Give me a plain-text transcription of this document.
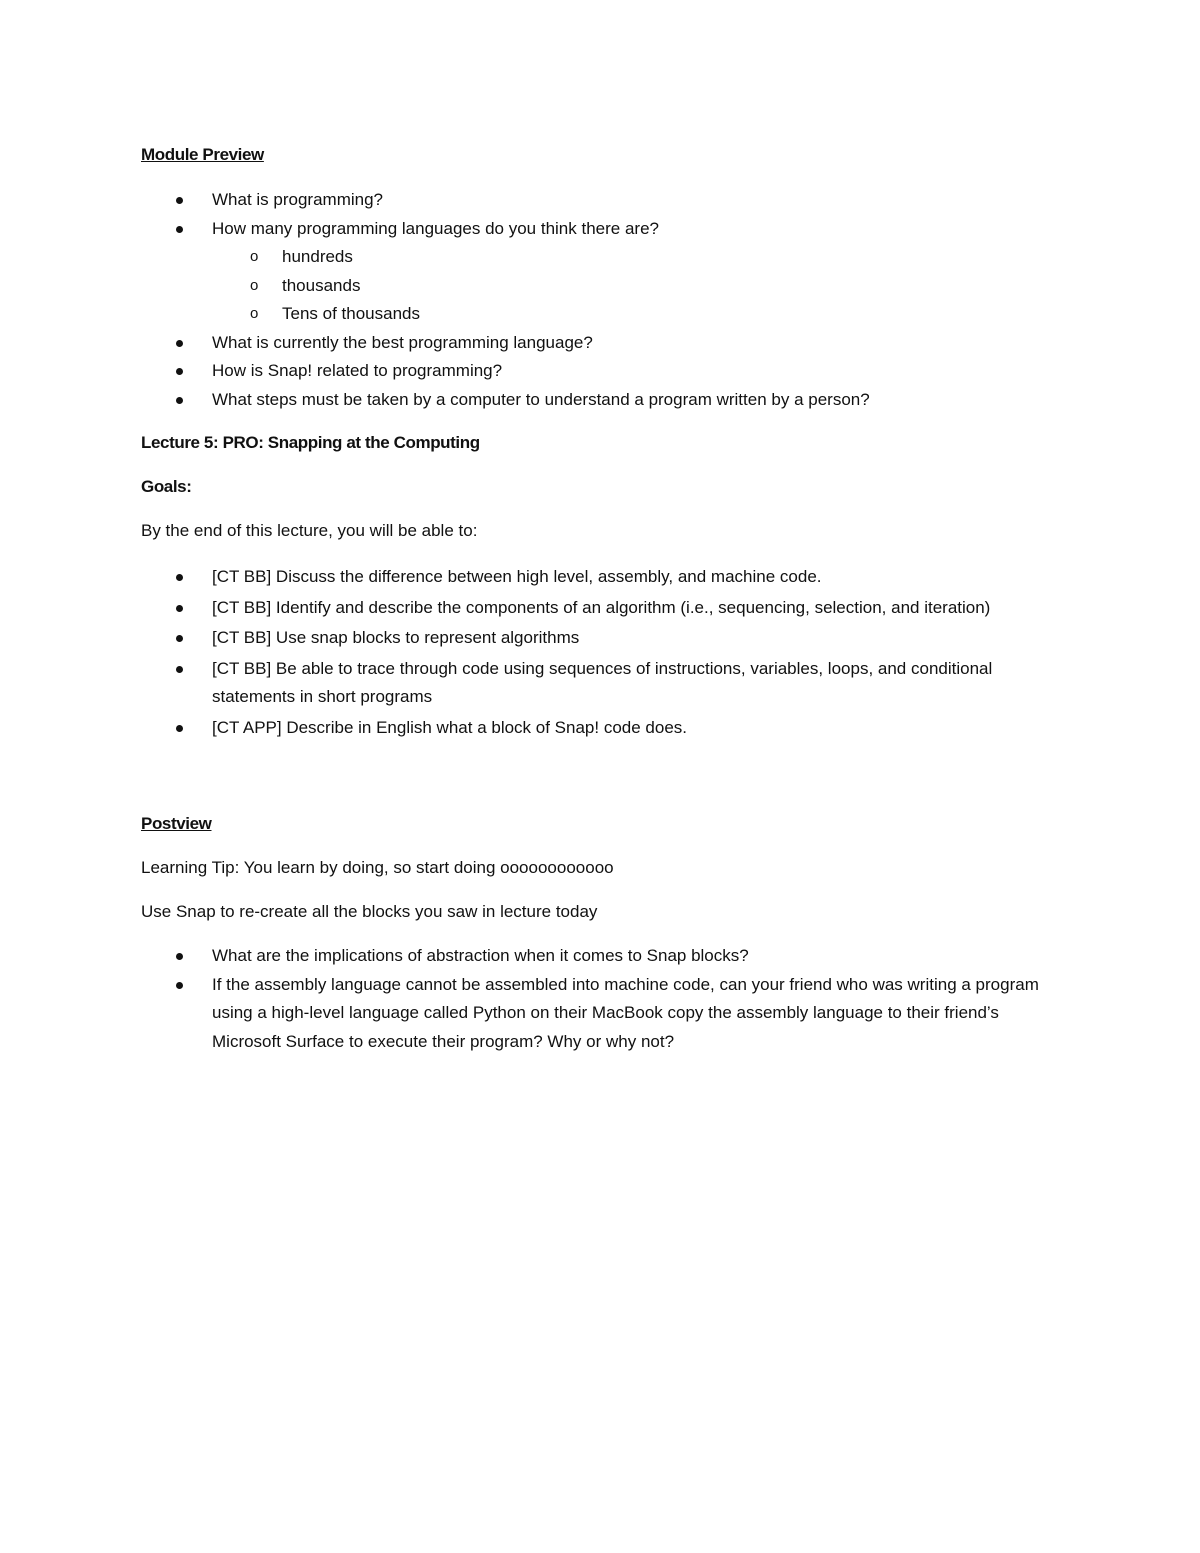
Module Preview
What is programming?
How many programming languages do you think there are?
o hundreds
o thousands
o Tens of thousands
What is currently the best programming language?
How is Snap! related to programming?
What steps must be taken by a computer to understand a program written by a person?
Lecture 5: PRO: Snapping at the Computing
Goals:
By the end of this lecture, you will be able to:
[CT BB] Discuss the difference between high level, assembly, and machine code.
[CT BB] Identify and describe the components of an algorithm (i.e., sequencing, selection, and iteration)
[CT BB] Use snap blocks to represent algorithms
[CT BB] Be able to trace through code using sequences of instructions, variables, loops, and conditional statements in short programs
[CT APP] Describe in English what a block of Snap! code does.
Postview
Learning Tip: You learn by doing, so start doing oooooooooooo
Use Snap to re-create all the blocks you saw in lecture today
What are the implications of abstraction when it comes to Snap blocks?
If the assembly language cannot be assembled into machine code, can your friend who was writing a program using a high-level language called Python on their MacBook copy the assembly language to their friend’s Microsoft Surface to execute their program? Why or why not?
